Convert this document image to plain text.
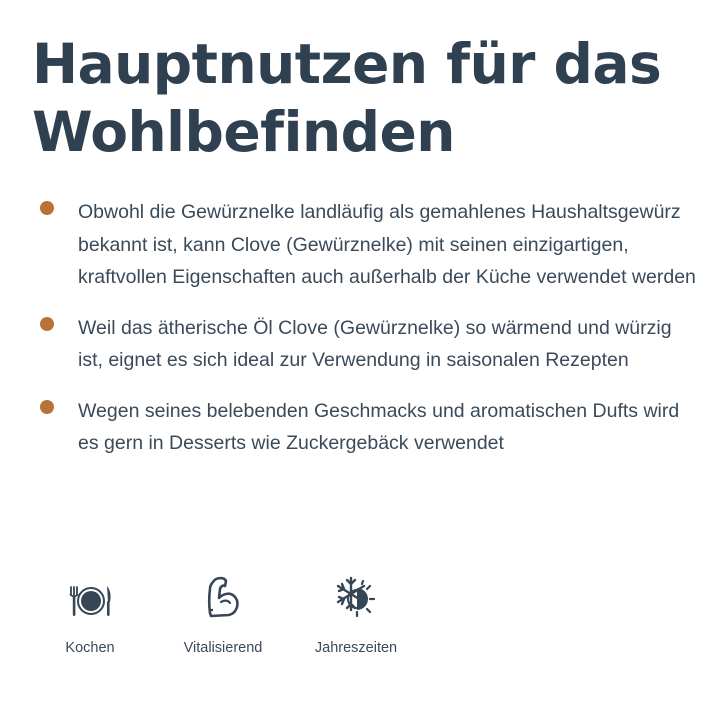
Hauptnutzen für das Wohlbefinden
Obwohl die Gewürznelke landläufig als gemahlenes Haushaltsgewürz bekannt ist, kann Clove (Gewürznelke) mit seinen einzigartigen, kraftvollen Eigenschaften auch außerhalb der Küche verwendet werden
Weil das ätherische Öl Clove (Gewürznelke) so wärmend und würzig ist, eignet es sich ideal zur Verwendung in saisonalen Rezepten
Wegen seines belebenden Geschmacks und aromatischen Dufts wird es gern in Desserts wie Zuckergebäck verwendet
Kochen	Vitalisierend	Jahreszeiten
